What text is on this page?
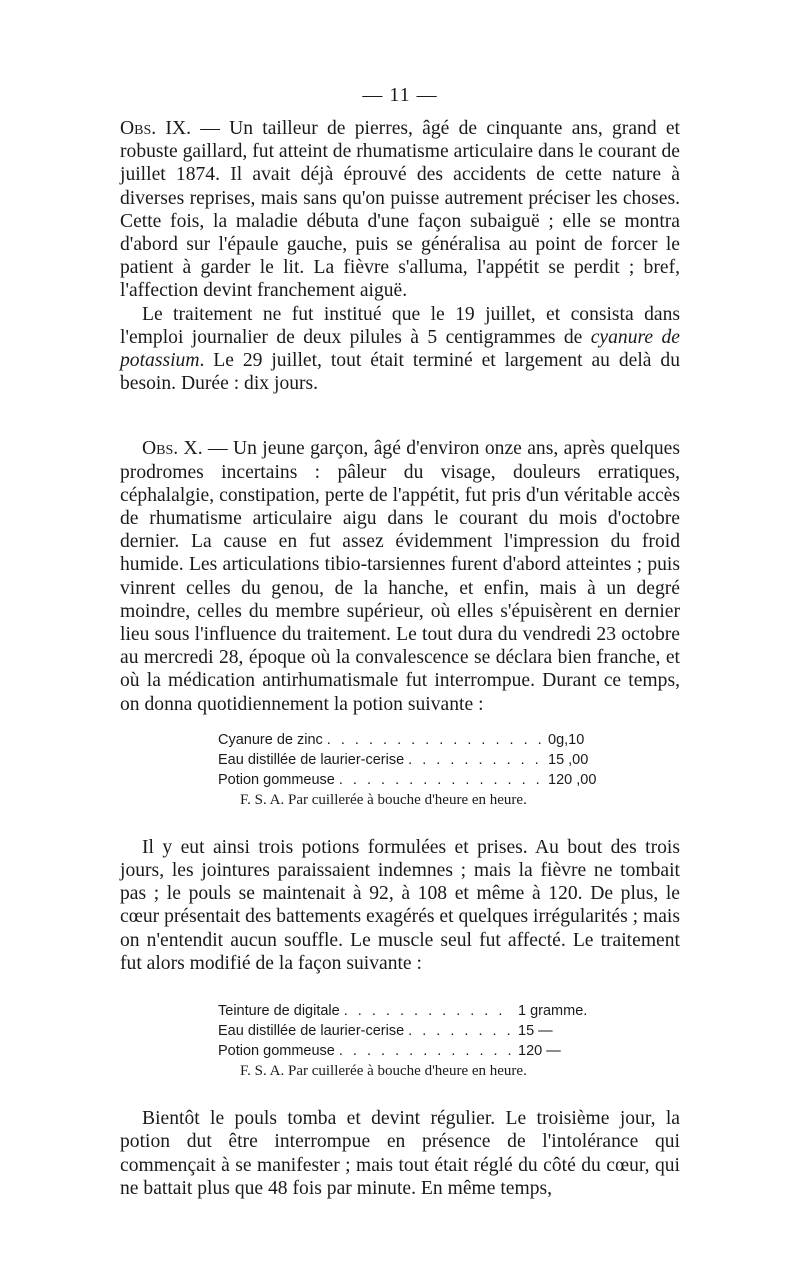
— 11 —

Obs. IX. — Un tailleur de pierres, âgé de cinquante ans, grand et robuste gaillard, fut atteint de rhumatisme articulaire dans le courant de juillet 1874. Il avait déjà éprouvé des accidents de cette nature à diverses reprises, mais sans qu'on puisse autrement préciser les choses. Cette fois, la maladie débuta d'une façon subaiguë ; elle se montra d'abord sur l'épaule gauche, puis se généralisa au point de forcer le patient à garder le lit. La fièvre s'alluma, l'appétit se perdit ; bref, l'affection devint franchement aiguë.

Le traitement ne fut institué que le 19 juillet, et consista dans l'emploi journalier de deux pilules à 5 centigrammes de cyanure de potassium. Le 29 juillet, tout était terminé et largement au delà du besoin. Durée : dix jours.

Obs. X. — Un jeune garçon, âgé d'environ onze ans, après quelques prodromes incertains : pâleur du visage, douleurs erratiques, céphalalgie, constipation, perte de l'appétit, fut pris d'un véritable accès de rhumatisme articulaire aigu dans le courant du mois d'octobre dernier. La cause en fut assez évidemment l'impression du froid humide. Les articulations tibio-tarsiennes furent d'abord atteintes ; puis vinrent celles du genou, de la hanche, et enfin, mais à un degré moindre, celles du membre supérieur, où elles s'épuisèrent en dernier lieu sous l'influence du traitement. Le tout dura du vendredi 23 octobre au mercredi 28, époque où la convalescence se déclara bien franche, et où la médication antirhumatismale fut interrompue. Durant ce temps, on donna quotidiennement la potion suivante :

Cyanure de zinc . . .	0g,10
Eau distillée de laurier-cerise . . .	15 ,00
Potion gommeuse . . .	120 ,00
F. S. A. Par cuillerée à bouche d'heure en heure.

Il y eut ainsi trois potions formulées et prises. Au bout des trois jours, les jointures paraissaient indemnes ; mais la fièvre ne tombait pas ; le pouls se maintenait à 92, à 108 et même à 120. De plus, le cœur présentait des battements exagérés et quelques irrégularités ; mais on n'entendit aucun souffle. Le muscle seul fut affecté. Le traitement fut alors modifié de la façon suivante :

Teinture de digitale . . .	1 gramme.
Eau distillée de laurier-cerise . . .	15 —
Potion gommeuse . . .	120 —
F. S. A. Par cuillerée à bouche d'heure en heure.

Bientôt le pouls tomba et devint régulier. Le troisième jour, la potion dut être interrompue en présence de l'intolérance qui commençait à se manifester ; mais tout était réglé du côté du cœur, qui ne battait plus que 48 fois par minute. En même temps,
